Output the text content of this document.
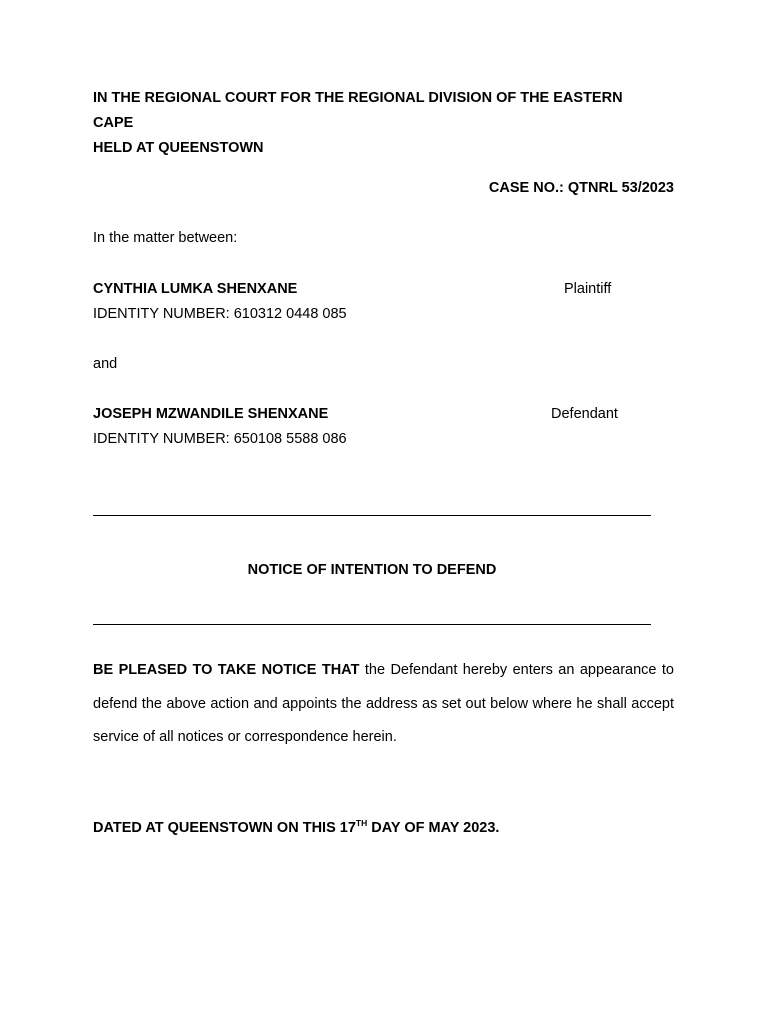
IN THE REGIONAL COURT FOR THE REGIONAL DIVISION OF THE EASTERN
CAPE
HELD AT QUEENSTOWN
CASE NO.: QTNRL 53/2023
In the matter between:
CYNTHIA LUMKA SHENXANE	Plaintiff
IDENTITY NUMBER: 610312 0448 085
and
JOSEPH MZWANDILE SHENXANE	Defendant
IDENTITY NUMBER: 650108 5588 086
NOTICE OF INTENTION TO DEFEND
BE PLEASED TO TAKE NOTICE THAT the Defendant hereby enters an appearance to defend the above action and appoints the address as set out below where he shall accept service of all notices or correspondence herein.
DATED AT QUEENSTOWN ON THIS 17TH DAY OF MAY 2023.
